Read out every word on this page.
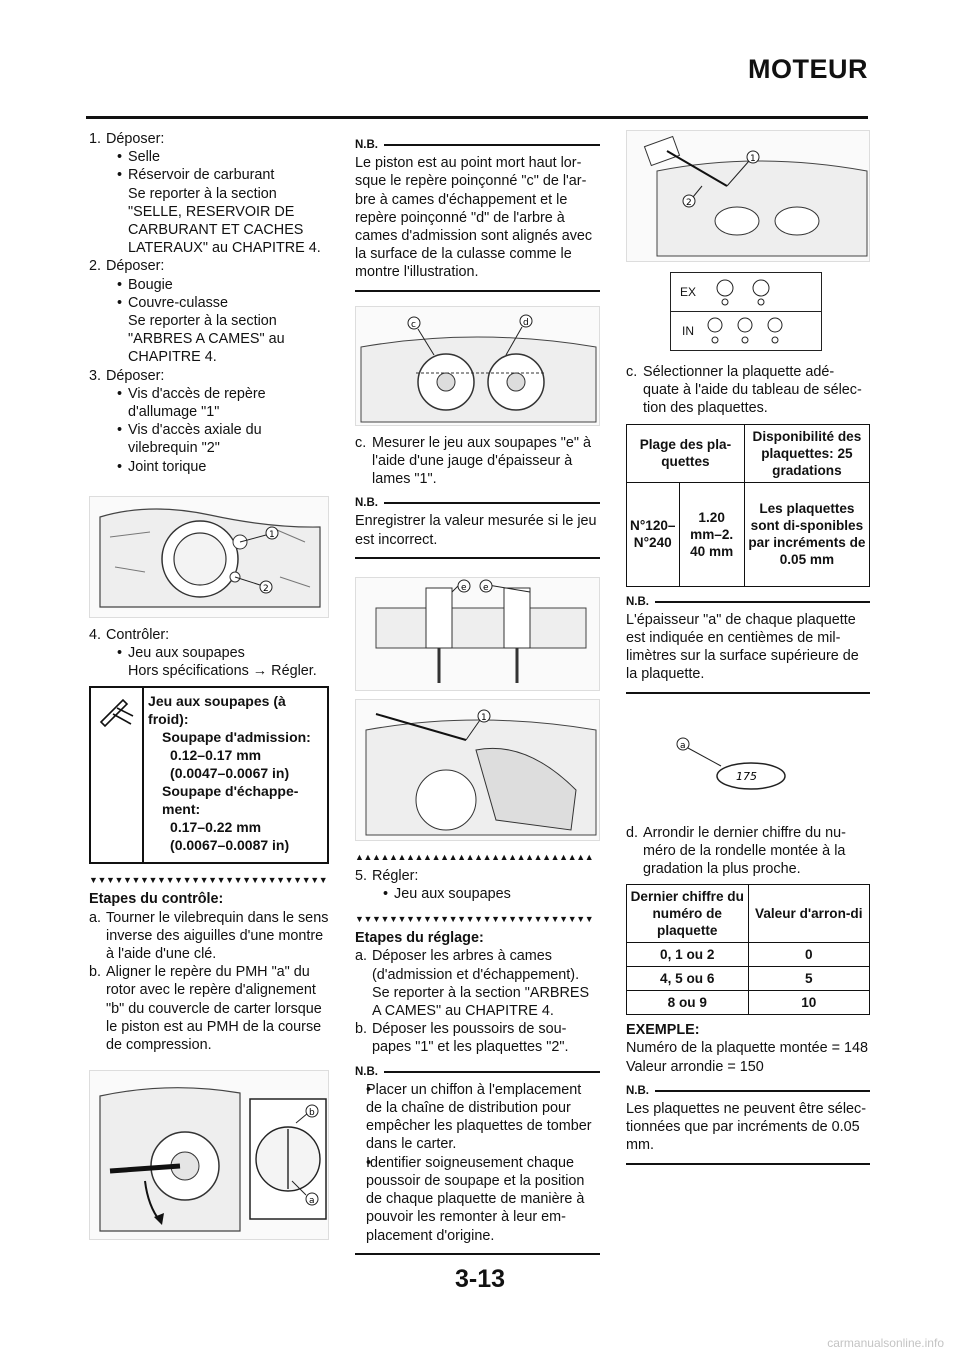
MOTEUR
1. Déposer:
• Selle
• Réservoir de carburant
Se reporter à la section "SELLE, RESERVOIR DE CARBURANT ET CACHES LATERAUX" au CHAPITRE 4.
2. Déposer:
• Bougie
• Couvre-culasse
Se reporter à la section "ARBRES A CAMES" au CHAPITRE 4.
3. Déposer:
• Vis d'accès de repère d'allumage "1"
• Vis d'accès axiale du vilebrequin "2"
• Joint torique
1
2
4. Contrôler:
• Jeu aux soupapes
Hors spécifications → Régler.
Jeu aux soupapes (à froid):
Soupape d'admission:
0.12–0.17 mm
(0.0047–0.0067 in)
Soupape d'échappe-ment:
0.17–0.22 mm
(0.0067–0.0087 in)
▼▼▼▼▼▼▼▼▼▼▼▼▼▼▼▼▼▼▼▼▼▼▼▼▼▼▼▼
Etapes du contrôle:
a. Tourner le vilebrequin dans le sens inverse des aiguilles d'une montre à l'aide d'une clé.
b. Aligner le repère du PMH "a" du rotor avec le repère d'alignement "b" du couvercle de carter lorsque le piston est au PMH de la course de compression.
b
a
N.B.
Le piston est au point mort haut lor-sque le repère poinçonné "c" de l'ar-bre à cames d'échappement et le repère poinçonné "d" de l'arbre à cames d'admission sont alignés avec la surface de la culasse comme le montre l'illustration.
c	d
c. Mesurer le jeu aux soupapes "e" à l'aide d'une jauge d'épaisseur à lames "1".
N.B.
Enregistrer la valeur mesurée si le jeu est incorrect.
e e
1
▲▲▲▲▲▲▲▲▲▲▲▲▲▲▲▲▲▲▲▲▲▲▲▲▲▲▲▲
5. Régler:
• Jeu aux soupapes
▼▼▼▼▼▼▼▼▼▼▼▼▼▼▼▼▼▼▼▼▼▼▼▼▼▼▼▼
Etapes du réglage:
a. Déposer les arbres à cames (d'admission et d'échappement).
Se reporter à la section "ARBRES A CAMES" au CHAPITRE 4.
b. Déposer les poussoirs de sou-papes "1" et les plaquettes "2".
N.B.
• Placer un chiffon à l'emplacement de la chaîne de distribution pour empêcher les plaquettes de tomber dans le carter.
• Identifier soigneusement chaque poussoir de soupape et la position de chaque plaquette de manière à pouvoir les remonter à leur em-placement d'origine.
1
2
EX
IN
c. Sélectionner la plaquette adé-quate à l'aide du tableau de sélec-tion des plaquettes.
Plage des pla-quettes		Disponibilité des plaquettes: 25 gradations
N°120–N°240	1.20 mm–2. 40 mm	Les plaquettes sont di-sponibles par incréments de 0.05 mm
N.B.
L'épaisseur "a" de chaque plaquette est indiquée en centièmes de mil-limètres sur la surface supérieure de la plaquette.
175
a
d. Arrondir le dernier chiffre du nu-méro de la rondelle montée à la gradation la plus proche.
Dernier chiffre du numéro de plaquette	Valeur d'arron-di
0, 1 ou 2	0
4, 5 ou 6	5
8 ou 9	10
EXEMPLE:
Numéro de la plaquette montée = 148
Valeur arrondie = 150
N.B.
Les plaquettes ne peuvent être sélec-tionnées que par incréments de 0.05 mm.
3-13
carmanualsonline.info
